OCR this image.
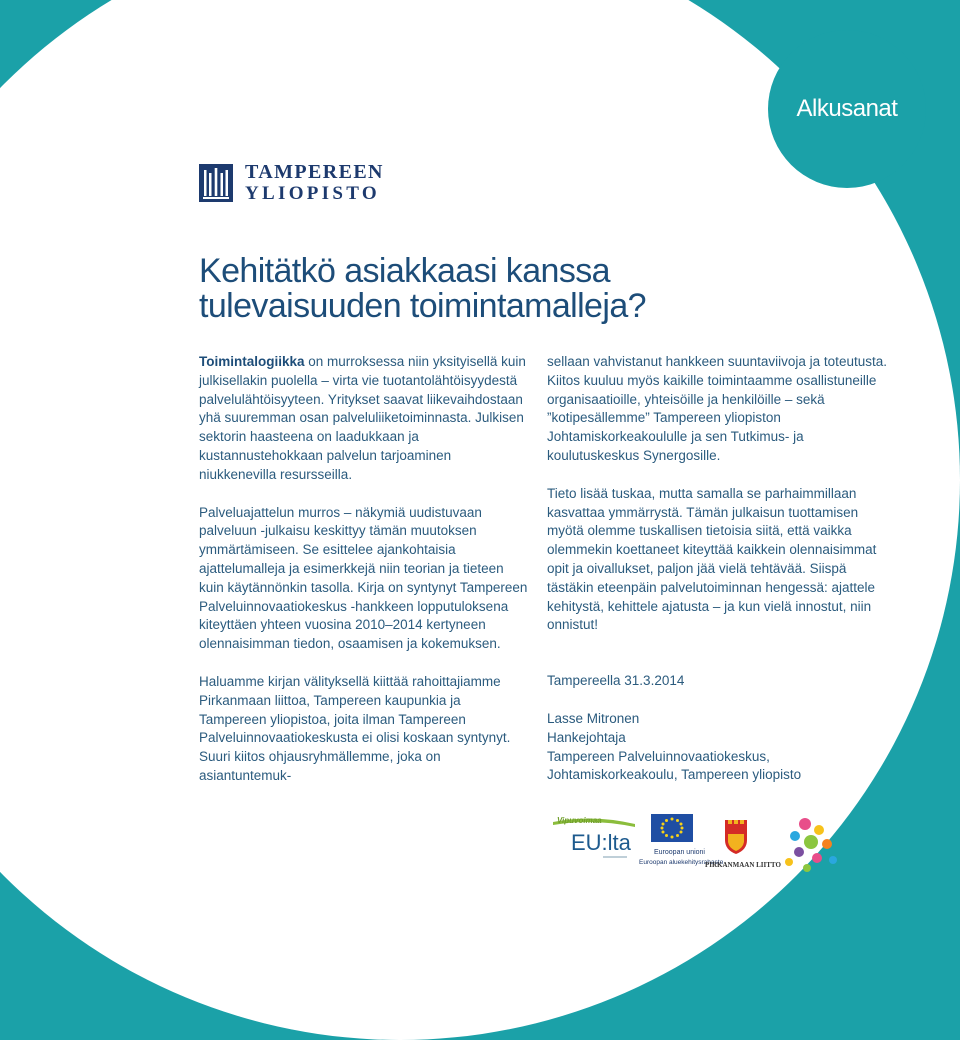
Alkusanat
TAMPEREEN
YLIOPISTO
Kehitätkö asiakkaasi kanssa
tulevaisuuden toimintamalleja?

Toimintalogiikka on murroksessa niin yksityisellä kuin julkisellakin puolella – virta vie tuotantolähtöisyydestä palvelulähtöisyyteen. Yritykset saavat liikevaihdostaan yhä suuremman osan palveluliiketoiminnasta. Julkisen sektorin haasteena on laadukkaan ja kustannustehokkaan palvelun tarjoaminen niukkenevilla resursseilla.

Palveluajattelun murros – näkymiä uudistuvaan palveluun -julkaisu keskittyy tämän muutoksen ymmärtämiseen. Se esittelee ajankohtaisia ajattelumalleja ja esimerkkejä niin teorian ja tieteen kuin käytännönkin tasolla. Kirja on syntynyt Tampereen Palveluinnovaatiokeskus -hankkeen lopputuloksena kiteyttäen yhteen vuosina 2010–2014 kertyneen olennaisimman tiedon, osaamisen ja kokemuksen.

Haluamme kirjan välityksellä kiittää rahoittajiamme Pirkanmaan liittoa, Tampereen kaupunkia ja Tampereen yliopistoa, joita ilman Tampereen Palveluinnovaatiokeskusta ei olisi koskaan syntynyt. Suuri kiitos ohjausryhmällemme, joka on asiantuntemuk-

sellaan vahvistanut hankkeen suuntaviivoja ja toteutusta. Kiitos kuuluu myös kaikille toimintaamme osallistuneille organisaatioille, yhteisöille ja henkilöille – sekä ”kotipesällemme” Tampereen yliopiston Johtamiskorkeakoululle ja sen Tutkimus- ja koulutuskeskus Synergosille.

Tieto lisää tuskaa, mutta samalla se parhaimmillaan kasvattaa ymmärrystä. Tämän julkaisun tuottamisen myötä olemme tuskallisen tietoisia siitä, että vaikka olemmekin koettaneet kiteyttää kaikkein olennaisimmat opit ja oivallukset, paljon jää vielä tehtävää. Siispä tästäkin eteenpäin palvelutoiminnan hengessä: ajattele kehitystä, kehittele ajatusta – ja kun vielä innostut, niin onnistut!

Tampereella 31.3.2014

Lasse Mitronen
Hankejohtaja
Tampereen Palveluinnovaatiokeskus,
Johtamiskorkeakoulu, Tampereen yliopisto
Vipuvoimaa
EU:lta	Euroopan unioni
Euroopan aluekehitysrahasto
PIRKANMAAN LIITTO
